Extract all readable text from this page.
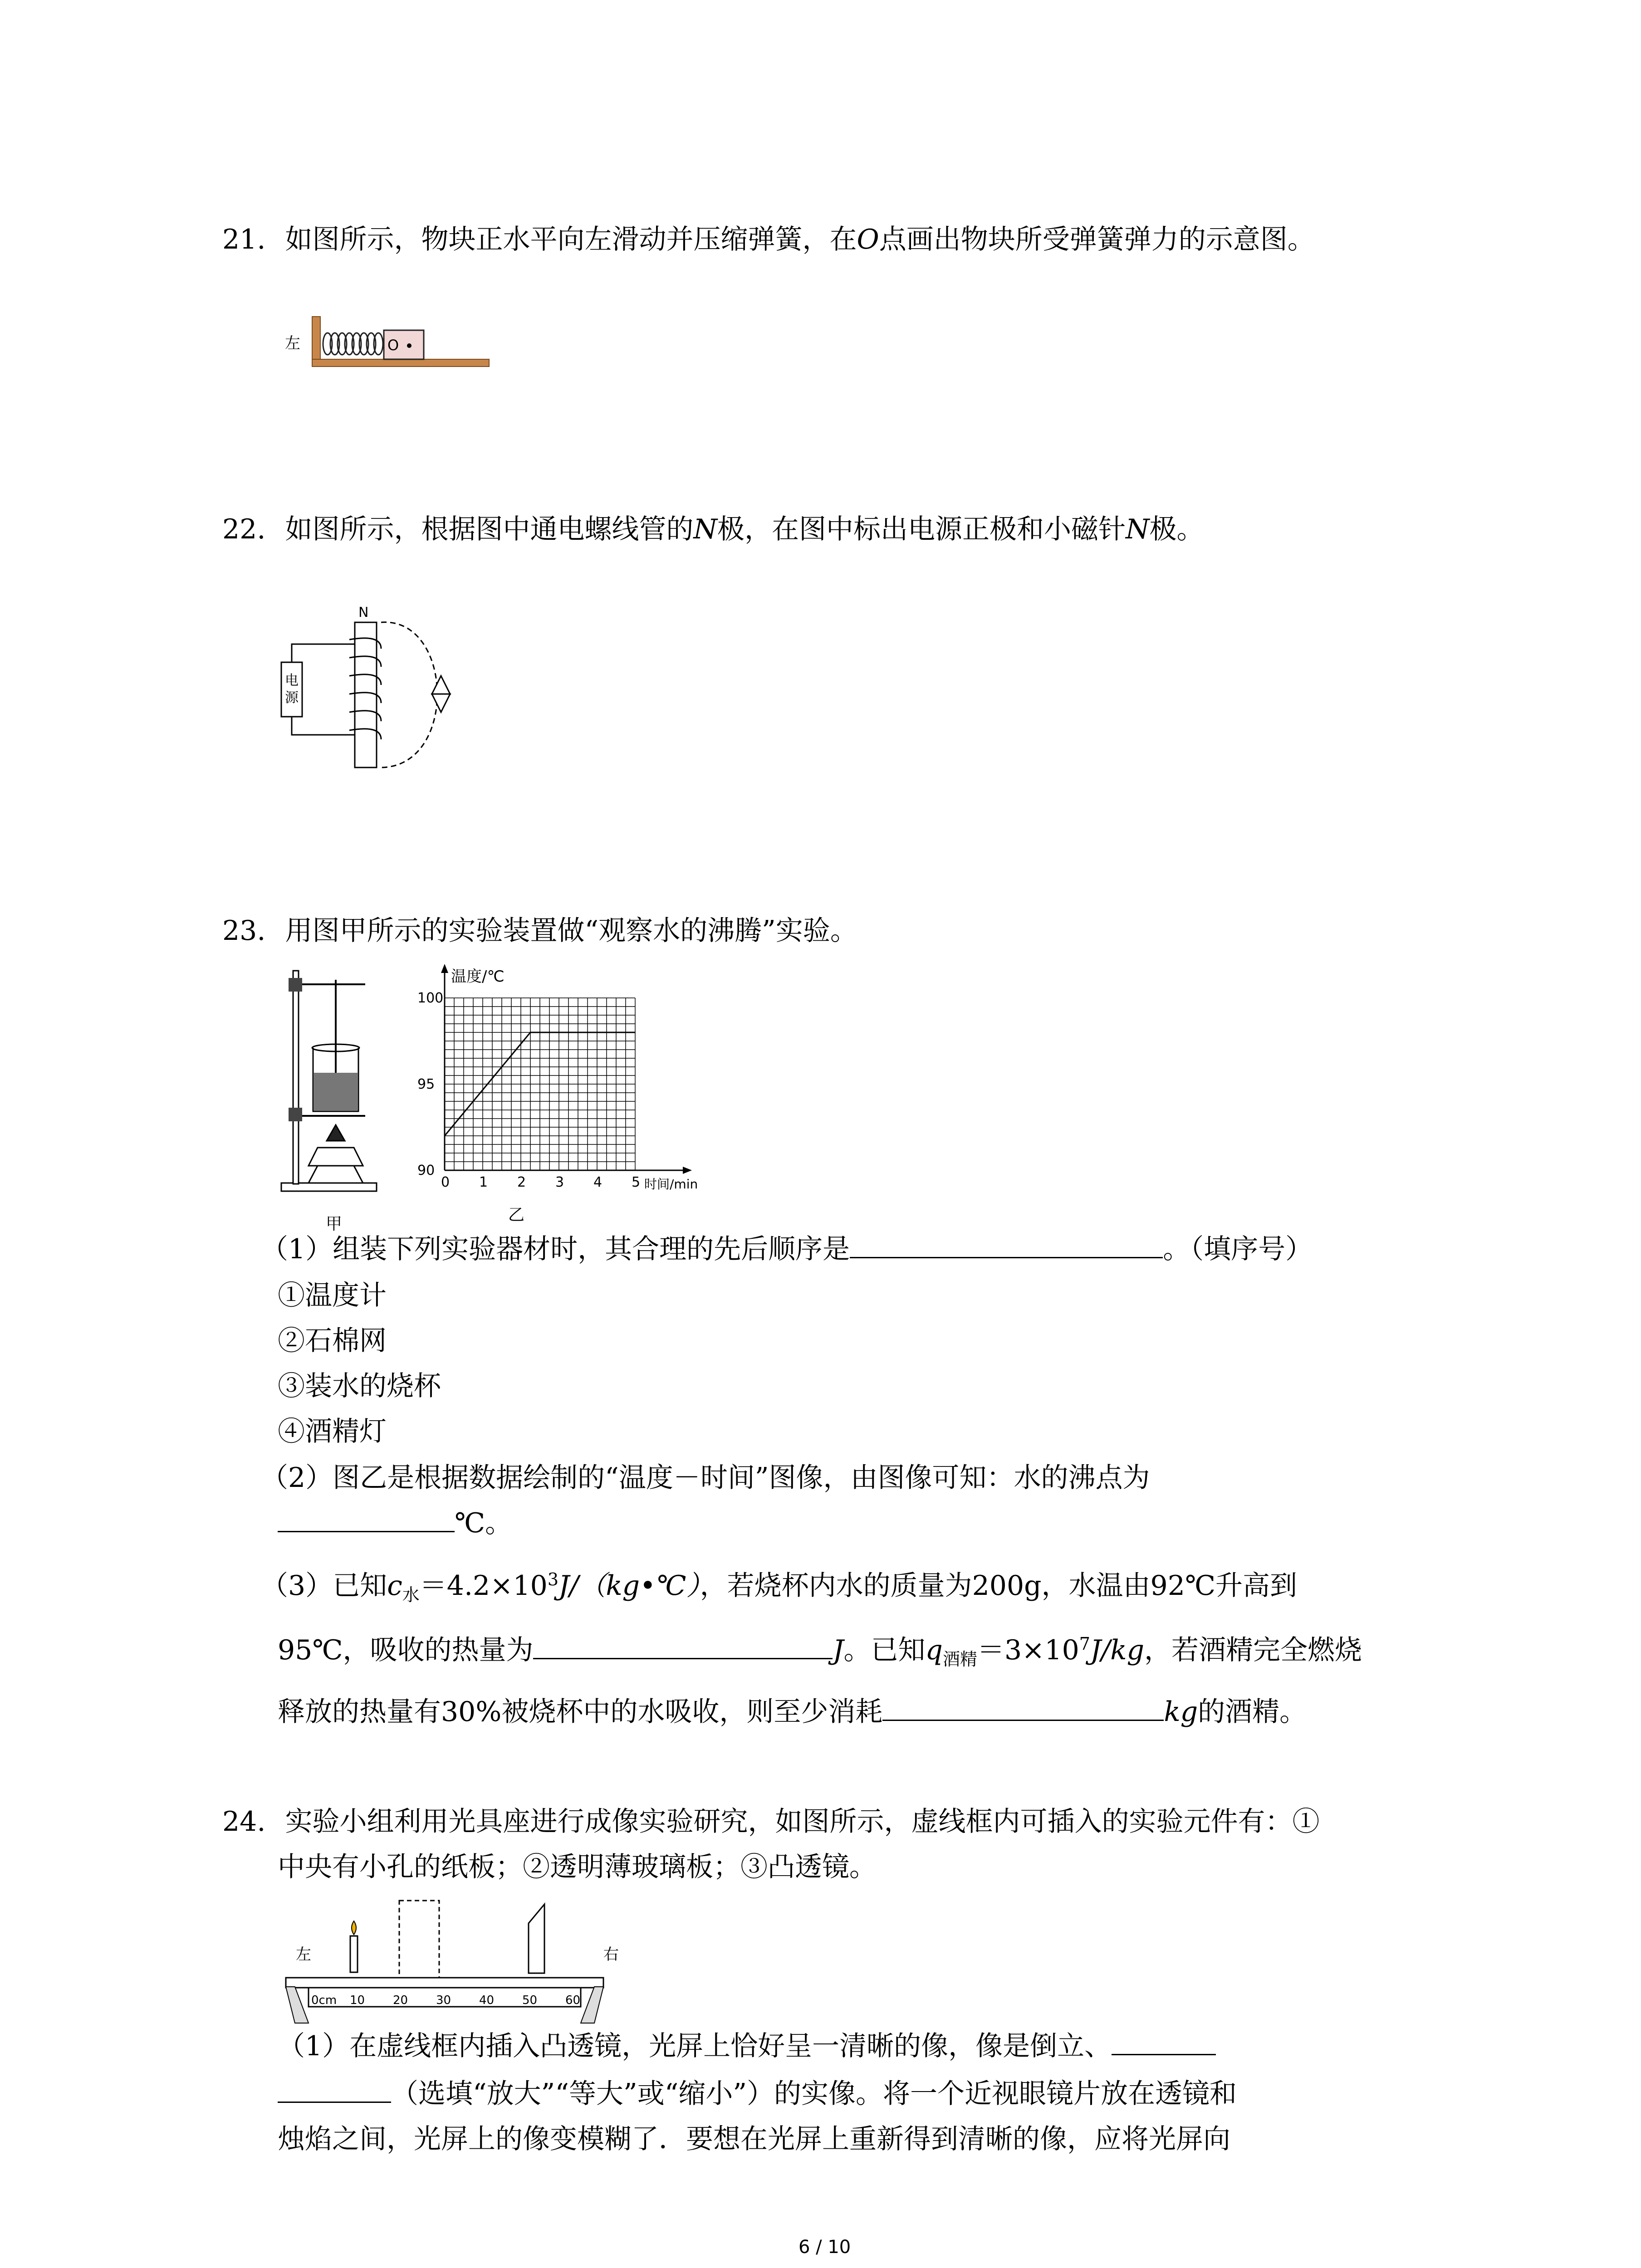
21. 如图所示，物块正水平向左滑动并压缩弹簧，在O点画出物块所受弹簧弹力的示意图。
左	O
22. 如图所示，根据图中通电螺线管的N极，在图中标出电源正极和小磁针N极。
N
电
源
23. 用图甲所示的实验装置做“观察水的沸腾”实验。
甲
0 1 2 3 4 5
90
95
100
温度/℃
时间/min
乙
（1）组装下列实验器材时，其合理的先后顺序是	。（填序号）
①温度计
②石棉网
③装水的烧杯
④酒精灯
（2）图乙是根据数据绘制的“温度－时间”图像，由图像可知：水的沸点为
℃。
（3）已知$c_水=4.2\times 10^3J/(kg•℃)$，若烧杯内水的质量为200g，水温由92℃升高到
95℃，吸收的热量为	J。已知$q_{酒精}=3\times 10^7J/kg$，若酒精完全燃烧
释放的热量有30%被烧杯中的水吸收，则至少消耗	kg的酒精。
24. 实验小组利用光具座进行成像实验研究，如图所示，虚线框内可插入的实验元件有：①
中央有小孔的纸板；②透明薄玻璃板；③凸透镜。
左	右
0cm 10 20 30 40 50 60
（1）在虚线框内插入凸透镜，光屏上恰好呈一清晰的像，像是倒立、
（选填“放大”“等大”或“缩小”）的实像。将一个近视眼镜片放在透镜和
烛焰之间，光屏上的像变模糊了．要想在光屏上重新得到清晰的像，应将光屏向
6 / 10
